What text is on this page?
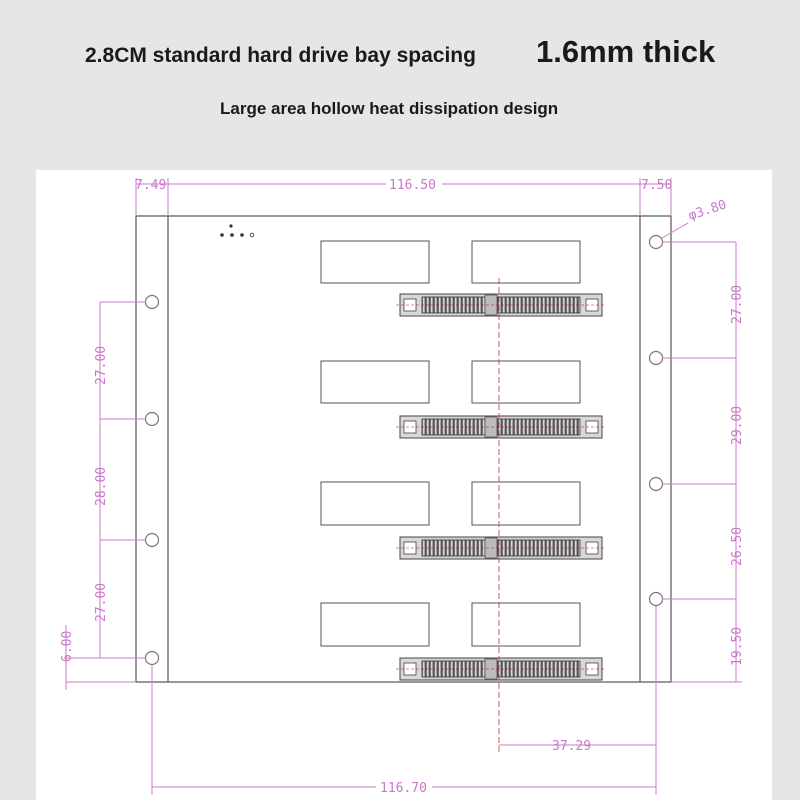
2.8CM standard hard drive bay spacing 1.6mm thick
Large area hollow heat dissipation design
7.49	116.50	7.50
φ3.80
27.00
28.00
27.00
6.00
27.00
29.00
26.50
19.50
37.29
116.70
